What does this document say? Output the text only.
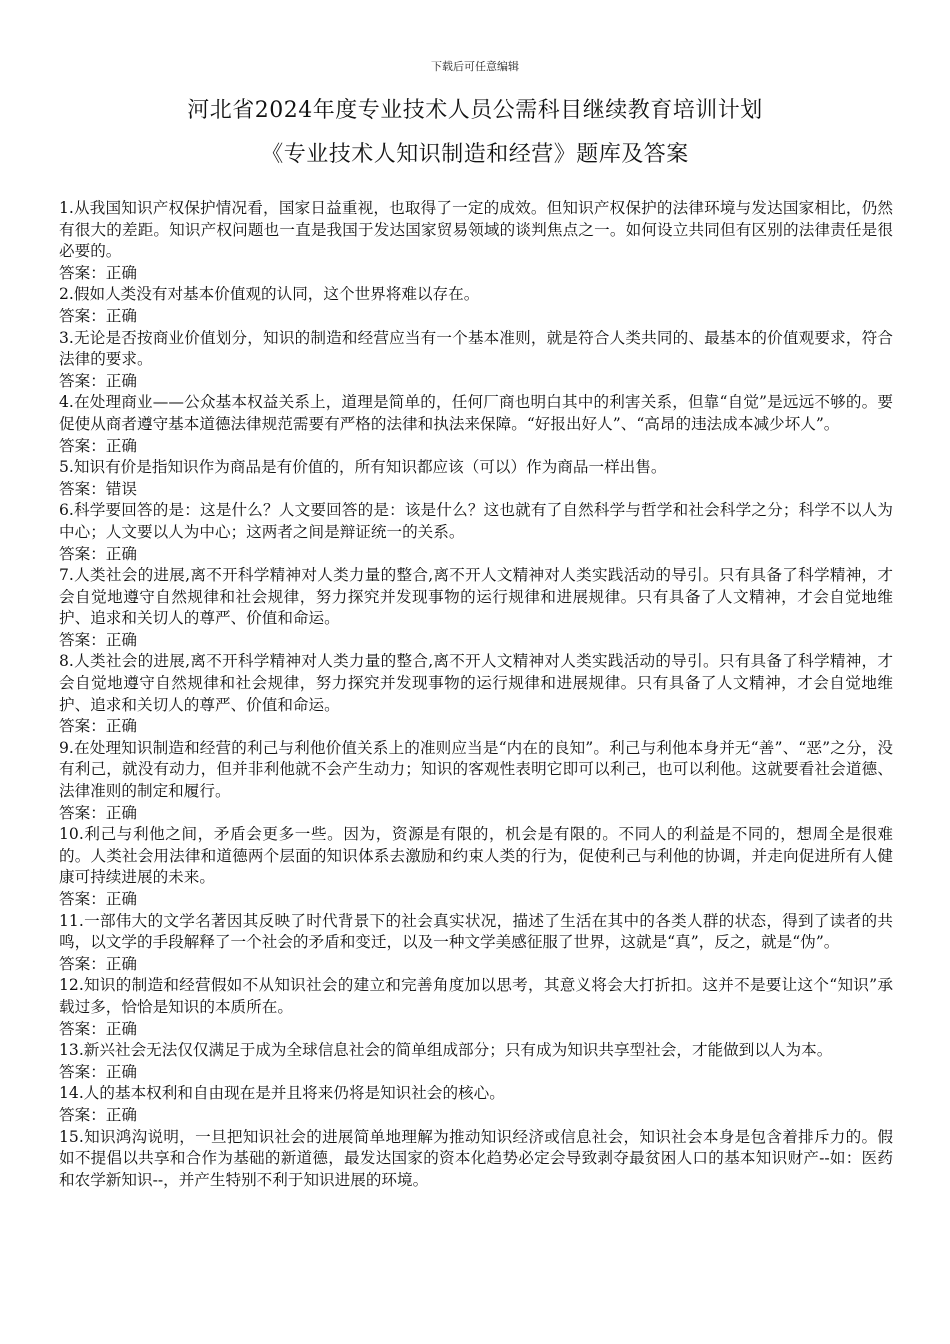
下载后可任意编辑
河北省2024年度专业技术人员公需科目继续教育培训计划
《专业技术人知识制造和经营》题库及答案

1.从我国知识产权保护情况看，国家日益重视，也取得了一定的成效。但知识产权保护的法律环境与发达国家相比，仍然有很大的差距。知识产权问题也一直是我国于发达国家贸易领域的谈判焦点之一。如何设立共同但有区别的法律责任是很必要的。

答案：正确

2.假如人类没有对基本价值观的认同，这个世界将难以存在。

答案：正确

3.无论是否按商业价值划分，知识的制造和经营应当有一个基本准则，就是符合人类共同的、最基本的价值观要求，符合法律的要求。

答案：正确

4.在处理商业——公众基本权益关系上，道理是简单的，任何厂商也明白其中的利害关系，但靠“自觉”是远远不够的。要促使从商者遵守基本道德法律规范需要有严格的法律和执法来保障。“好报出好人”、“高昂的违法成本减少坏人”。

答案：正确

5.知识有价是指知识作为商品是有价值的，所有知识都应该（可以）作为商品一样出售。

答案：错误

6.科学要回答的是：这是什么？人文要回答的是：该是什么？这也就有了自然科学与哲学和社会科学之分；科学不以人为中心；人文要以人为中心；这两者之间是辩证统一的关系。

答案：正确

7.人类社会的进展,离不开科学精神对人类力量的整合,离不开人文精神对人类实践活动的导引。只有具备了科学精神，才会自觉地遵守自然规律和社会规律，努力探究并发现事物的运行规律和进展规律。只有具备了人文精神，才会自觉地维护、追求和关切人的尊严、价值和命运。

答案：正确

8.人类社会的进展,离不开科学精神对人类力量的整合,离不开人文精神对人类实践活动的导引。只有具备了科学精神，才会自觉地遵守自然规律和社会规律，努力探究并发现事物的运行规律和进展规律。只有具备了人文精神，才会自觉地维护、追求和关切人的尊严、价值和命运。

答案：正确

9.在处理知识制造和经营的利己与利他价值关系上的准则应当是“内在的良知”。利己与利他本身并无“善”、“恶”之分，没有利己，就没有动力，但并非利他就不会产生动力；知识的客观性表明它即可以利己，也可以利他。这就要看社会道德、法律准则的制定和履行。

答案：正确

10.利己与利他之间，矛盾会更多一些。因为，资源是有限的，机会是有限的。不同人的利益是不同的，想周全是很难的。人类社会用法律和道德两个层面的知识体系去激励和约束人类的行为，促使利己与利他的协调，并走向促进所有人健康可持续进展的未来。

答案：正确

11.一部伟大的文学名著因其反映了时代背景下的社会真实状况，描述了生活在其中的各类人群的状态，得到了读者的共鸣，以文学的手段解释了一个社会的矛盾和变迁，以及一种文学美感征服了世界，这就是“真”，反之，就是“伪”。

答案：正确

12.知识的制造和经营假如不从知识社会的建立和完善角度加以思考，其意义将会大打折扣。这并不是要让这个“知识”承载过多，恰恰是知识的本质所在。

答案：正确

13.新兴社会无法仅仅满足于成为全球信息社会的简单组成部分；只有成为知识共享型社会，才能做到以人为本。

答案：正确

14.人的基本权利和自由现在是并且将来仍将是知识社会的核心。

答案：正确

15.知识鸿沟说明，一旦把知识社会的进展简单地理解为推动知识经济或信息社会，知识社会本身是包含着排斥力的。假如不提倡以共享和合作为基础的新道德，最发达国家的资本化趋势必定会导致剥夺最贫困人口的基本知识财产--如：医药和农学新知识--，并产生特别不利于知识进展的环境。
